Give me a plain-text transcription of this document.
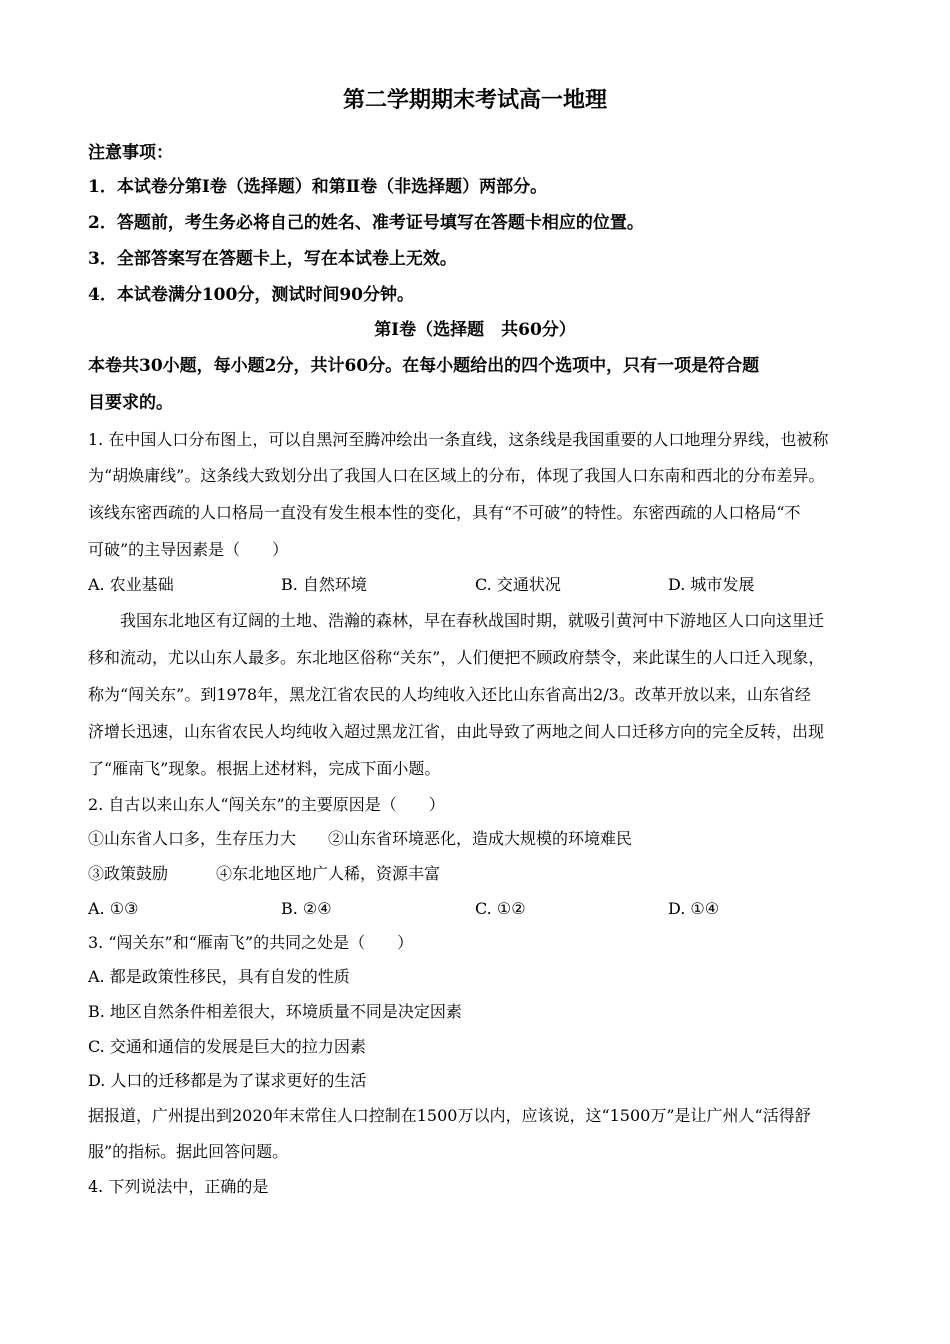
第二学期期末考试高一地理
注意事项：
1．本试卷分第Ⅰ卷（选择题）和第Ⅱ卷（非选择题）两部分。
2．答题前，考生务必将自己的姓名、准考证号填写在答题卡相应的位置。
3．全部答案写在答题卡上，写在本试卷上无效。
4．本试卷满分100分，测试时间90分钟。
第Ⅰ卷（选择题　共60分）
本卷共30小题，每小题2分，共计60分。在每小题给出的四个选项中，只有一项是符合题
目要求的。
1. 在中国人口分布图上，可以自黑河至腾冲绘出一条直线，这条线是我国重要的人口地理分界线，也被称
为“胡焕庸线”。这条线大致划分出了我国人口在区域上的分布，体现了我国人口东南和西北的分布差异。
该线东密西疏的人口格局一直没有发生根本性的变化，具有“不可破”的特性。东密西疏的人口格局“不
可破”的主导因素是（　　）
A. 农业基础	B. 自然环境	C. 交通状况	D. 城市发展
我国东北地区有辽阔的土地、浩瀚的森林，早在春秋战国时期，就吸引黄河中下游地区人口向这里迁
移和流动，尤以山东人最多。东北地区俗称“关东”，人们便把不顾政府禁令，来此谋生的人口迁入现象，
称为“闯关东”。到1978年，黑龙江省农民的人均纯收入还比山东省高出2/3。改革开放以来，山东省经
济增长迅速，山东省农民人均纯收入超过黑龙江省，由此导致了两地之间人口迁移方向的完全反转，出现
了“雁南飞”现象。根据上述材料，完成下面小题。
2. 自古以来山东人“闯关东”的主要原因是（　　）
①山东省人口多，生存压力大　　②山东省环境恶化，造成大规模的环境难民
③政策鼓励　　　④东北地区地广人稀，资源丰富
A. ①③	B. ②④	C. ①②	D. ①④
3. “闯关东”和“雁南飞”的共同之处是（　　）
A. 都是政策性移民，具有自发的性质
B. 地区自然条件相差很大，环境质量不同是决定因素
C. 交通和通信的发展是巨大的拉力因素
D. 人口的迁移都是为了谋求更好的生活
据报道，广州提出到2020年末常住人口控制在1500万以内，应该说，这“1500万”是让广州人“活得舒
服”的指标。据此回答问题。
4. 下列说法中，正确的是
